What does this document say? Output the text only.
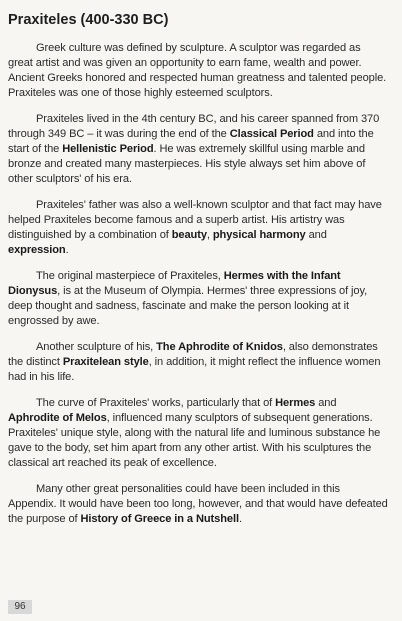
Praxiteles (400-330 BC)

Greek culture was defined by sculpture. A sculptor was regarded as great artist and was given an opportunity to earn fame, wealth and power. Ancient Greeks honored and respected human greatness and talented people. Praxiteles was one of those highly esteemed sculptors.

Praxiteles lived in the 4th century BC, and his career spanned from 370 through 349 BC – it was during the end of the Classical Period and into the start of the Hellenistic Period. He was extremely skillful using marble and bronze and created many masterpieces. His style always set him above of other sculptors' of his era.

Praxiteles' father was also a well-known sculptor and that fact may have helped Praxiteles become famous and a superb artist. His artistry was distinguished by a combination of beauty, physical harmony and expression.

The original masterpiece of Praxiteles, Hermes with the Infant Dionysus, is at the Museum of Olympia. Hermes' three expressions of joy, deep thought and sadness, fascinate and make the person looking at it engrossed by awe.

Another sculpture of his, The Aphrodite of Knidos, also demonstrates the distinct Praxitelean style, in addition, it might reflect the influence women had in his life.

The curve of Praxiteles' works, particularly that of Hermes and Aphrodite of Melos, influenced many sculptors of subsequent generations. Praxiteles' unique style, along with the natural life and luminous substance he gave to the body, set him apart from any other artist. With his sculptures the classical art reached its peak of excellence.

Many other great personalities could have been included in this Appendix. It would have been too long, however, and that would have defeated the purpose of History of Greece in a Nutshell.

96
